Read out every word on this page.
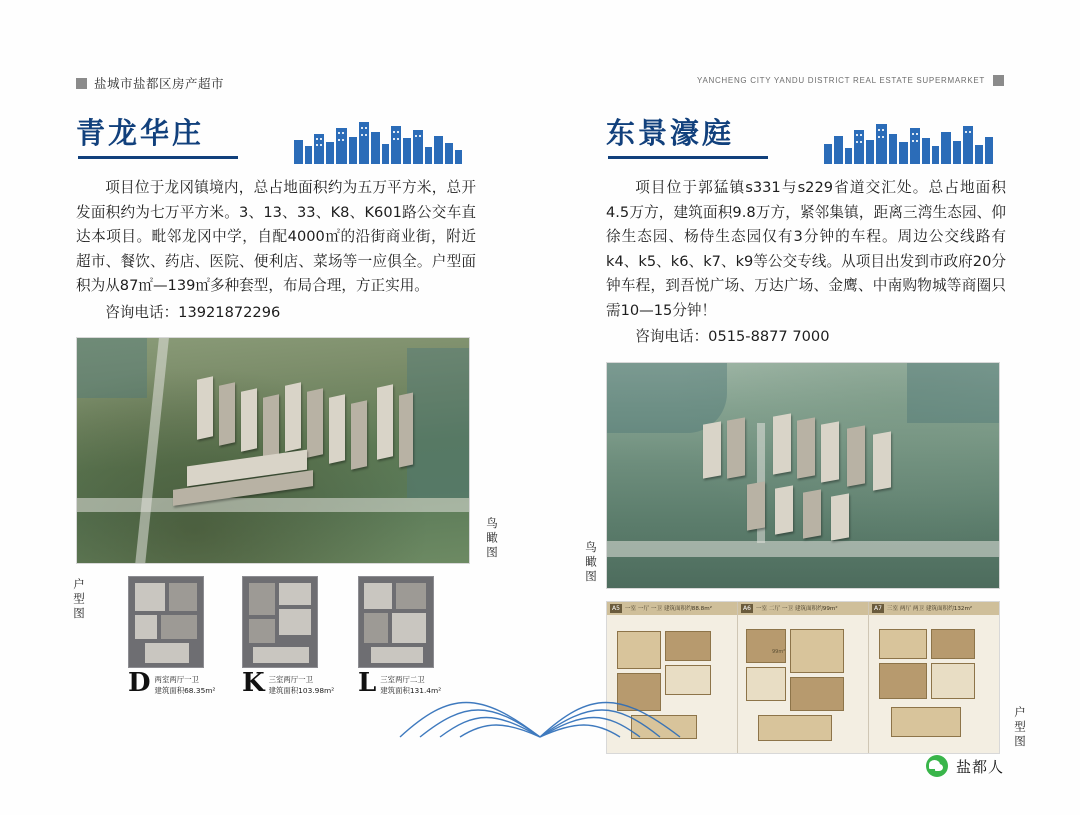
盐城市盐都区房产超市	YANCHENG CITY YANDU DISTRICT REAL ESTATE SUPERMARKET
青龙华庄

项目位于龙冈镇境内，总占地面积约为五万平方米，总开发面积约为七万平方米。3、13、33、K8、K601路公交车直达本项目。毗邻龙冈中学，自配4000㎡的沿街商业街，附近超市、餐饮、药店、医院、便利店、菜场等一应俱全。户型面积为从87㎡—139㎡多种套型，布局合理，方正实用。

咨询电话：13921872296

鸟瞰图
D 两室两厅一卫
建筑面积68.35m² K 三室两厅一卫
建筑面积103.98m² L 三室两厅二卫
建筑面积131.4m²
户型图
东景濠庭

项目位于郭猛镇s331与s229省道交汇处。总占地面积4.5万方，建筑面积9.8万方，紧邻集镇，距离三湾生态园、仰徐生态园、杨侍生态园仅有3分钟的车程。周边公交线路有k4、k5、k6、k7、k9等公交专线。从项目出发到市政府20分钟车程，到吾悦广场、万达广场、金鹰、中南购物城等商圈只需10—15分钟！

咨询电话：0515-8877 7000

鸟瞰图
A5 一室 一厅 一卫 建筑面积约88.8m²	A6 一室 二厅 一卫 建筑面积约99m²
99m²
A7 三室 两厅 两卫 建筑面积约132m²
户型图
盐都人
